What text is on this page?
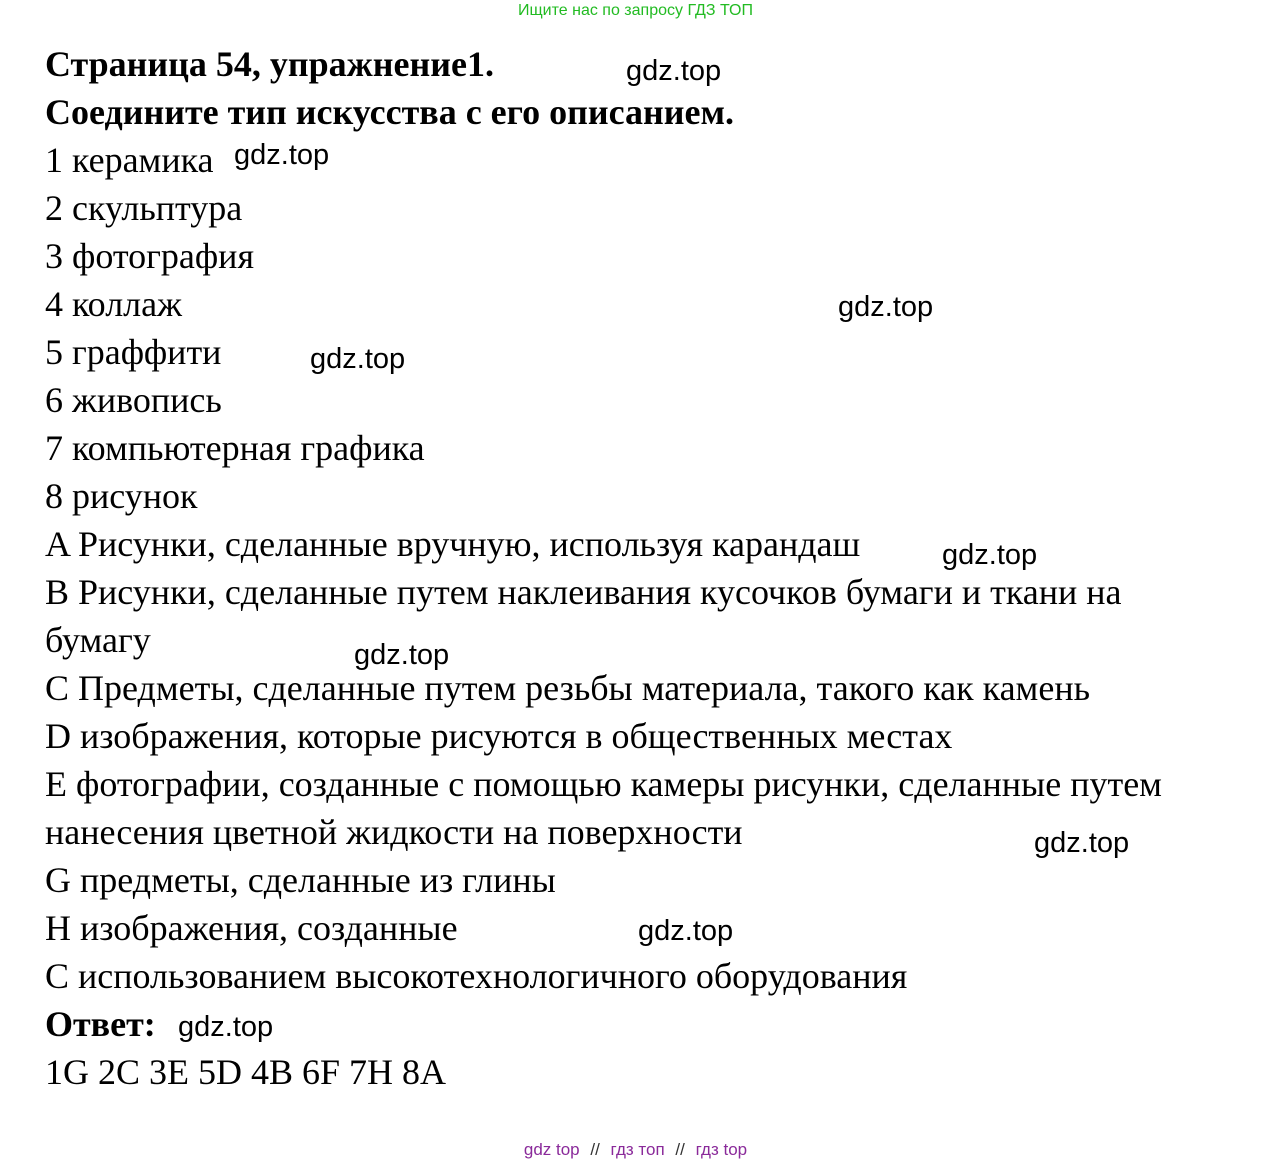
Ищите нас по запросу ГДЗ ТОП
Страница 54, упражнение1.
Соедините тип искусства с его описанием.
1 керамика
2 скульптура
3 фотография
4 коллаж
5 граффити
6 живопись
7 компьютерная графика
8 рисунок
A Рисунки, сделанные вручную, используя карандаш
B Рисунки, сделанные путем наклеивания кусочков бумаги и ткани на
бумагу
C Предметы, сделанные путем резьбы материала, такого как камень
D изображения, которые рисуются в общественных местах
E фотографии, созданные с помощью камеры рисунки, сделанные путем
нанесения цветной жидкости на поверхности
G предметы, сделанные из глины
H изображения, созданные
С использованием высокотехнологичного оборудования
Ответ:
1G 2C 3E 5D 4B 6F 7H 8A
gdz.top
gdz.top
gdz.top
gdz.top
gdz.top
gdz.top
gdz.top
gdz.top
gdz.top
gdz top // гдз топ // гдз top
